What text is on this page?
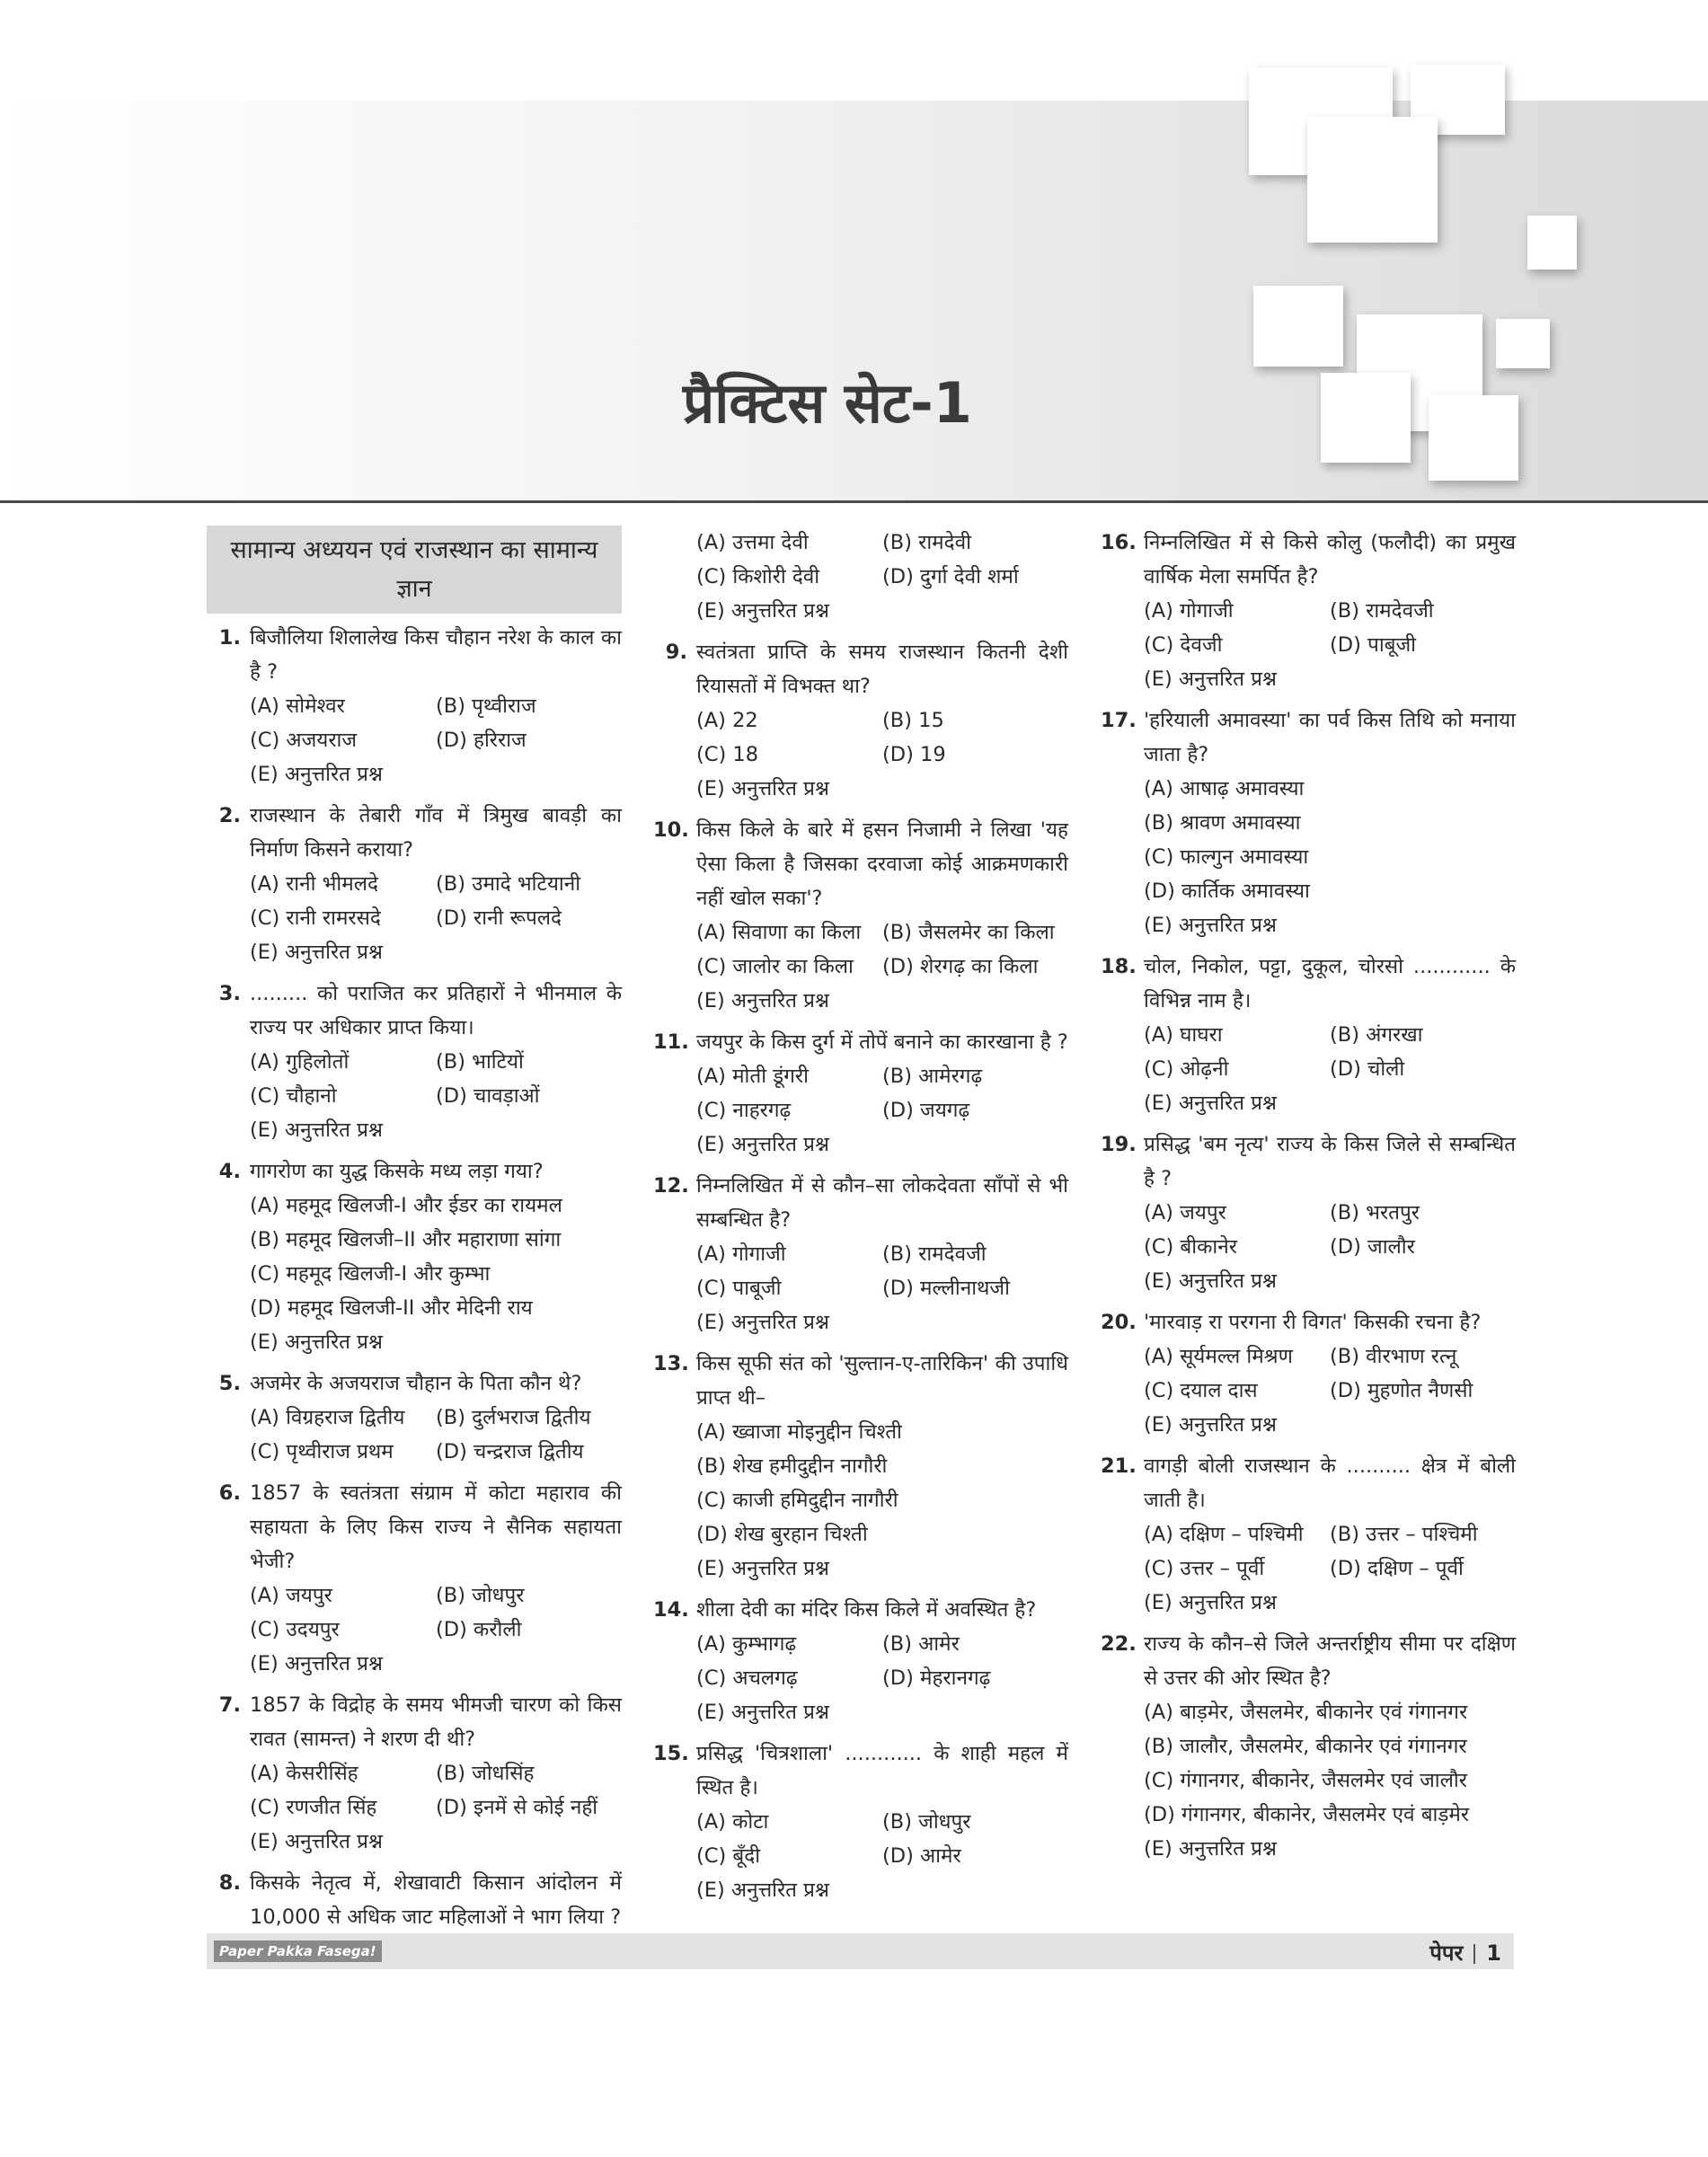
प्रैक्टिस सेट-1
सामान्य अध्ययन एवं राजस्थान का सामान्य ज्ञान
1. बिजौलिया शिलालेख किस चौहान नरेश के काल का है ?
(A) सोमेश्वर	(B) पृथ्वीराज
(C) अजयराज	(D) हरिराज
(E) अनुत्तरित प्रश्न
2. राजस्थान के तेबारी गाँव में त्रिमुख बावड़ी का निर्माण किसने कराया?
(A) रानी भीमलदे	(B) उमादे भटियानी
(C) रानी रामरसदे	(D) रानी रूपलदे
(E) अनुत्तरित प्रश्न
3. ......... को पराजित कर प्रतिहारों ने भीनमाल के राज्य पर अधिकार प्राप्त किया।
(A) गुहिलोतों	(B) भाटियों
(C) चौहानो	(D) चावड़ाओं
(E) अनुत्तरित प्रश्न
4. गागरोण का युद्ध किसके मध्य लड़ा गया?
(A) महमूद खिलजी-I और ईडर का रायमल
(B) महमूद खिलजी–II और महाराणा सांगा
(C) महमूद खिलजी-I और कुम्भा
(D) महमूद खिलजी-II और मेदिनी राय
(E) अनुत्तरित प्रश्न
5. अजमेर के अजयराज चौहान के पिता कौन थे?
(A) विग्रहराज द्वितीय	(B) दुर्लभराज द्वितीय
(C) पृथ्वीराज प्रथम	(D) चन्द्रराज द्वितीय
6. 1857 के स्वतंत्रता संग्राम में कोटा महाराव की सहायता के लिए किस राज्य ने सैनिक सहायता भेजी?
(A) जयपुर	(B) जोधपुर
(C) उदयपुर	(D) करौली
(E) अनुत्तरित प्रश्न
7. 1857 के विद्रोह के समय भीमजी चारण को किस रावत (सामन्त) ने शरण दी थी?
(A) केसरीसिंह	(B) जोधसिंह
(C) रणजीत सिंह	(D) इनमें से कोई नहीं
(E) अनुत्तरित प्रश्न
8. किसके नेतृत्व में, शेखावाटी किसान आंदोलन में 10,000 से अधिक जाट महिलाओं ने भाग लिया ?
(A) उत्तमा देवी	(B) रामदेवी
(C) किशोरी देवी	(D) दुर्गा देवी शर्मा
(E) अनुत्तरित प्रश्न
9. स्वतंत्रता प्राप्ति के समय राजस्थान कितनी देशी रियासतों में विभक्त था?
(A) 22	(B) 15
(C) 18	(D) 19
(E) अनुत्तरित प्रश्न
10. किस किले के बारे में हसन निजामी ने लिखा 'यह ऐसा किला है जिसका दरवाजा कोई आक्रमणकारी नहीं खोल सका'?
(A) सिवाणा का किला	(B) जैसलमेर का किला
(C) जालोर का किला	(D) शेरगढ़ का किला
(E) अनुत्तरित प्रश्न
11. जयपुर के किस दुर्ग में तोपें बनाने का कारखाना है ?
(A) मोती डूंगरी	(B) आमेरगढ़
(C) नाहरगढ़	(D) जयगढ़
(E) अनुत्तरित प्रश्न
12. निम्नलिखित में से कौन–सा लोकदेवता साँपों से भी सम्बन्धित है?
(A) गोगाजी	(B) रामदेवजी
(C) पाबूजी	(D) मल्लीनाथजी
(E) अनुत्तरित प्रश्न
13. किस सूफी संत को 'सुल्तान-ए-तारिकिन' की उपाधि प्राप्त थी–
(A) ख्वाजा मोइनुद्दीन चिश्ती
(B) शेख हमीदुद्दीन नागौरी
(C) काजी हमिदुद्दीन नागौरी
(D) शेख बुरहान चिश्ती
(E) अनुत्तरित प्रश्न
14. शीला देवी का मंदिर किस किले में अवस्थित है?
(A) कुम्भागढ़	(B) आमेर
(C) अचलगढ़	(D) मेहरानगढ़
(E) अनुत्तरित प्रश्न
15. प्रसिद्ध 'चित्रशाला' ............ के शाही महल में स्थित है।
(A) कोटा	(B) जोधपुर
(C) बूँदी	(D) आमेर
(E) अनुत्तरित प्रश्न
16. निम्नलिखित में से किसे कोलु (फलौदी) का प्रमुख वार्षिक मेला समर्पित है?
(A) गोगाजी	(B) रामदेवजी
(C) देवजी	(D) पाबूजी
(E) अनुत्तरित प्रश्न
17. 'हरियाली अमावस्या' का पर्व किस तिथि को मनाया जाता है?
(A) आषाढ़ अमावस्या
(B) श्रावण अमावस्या
(C) फाल्गुन अमावस्या
(D) कार्तिक अमावस्या
(E) अनुत्तरित प्रश्न
18. चोल, निकोल, पट्टा, दुकूल, चोरसो ............ के विभिन्न नाम है।
(A) घाघरा	(B) अंगरखा
(C) ओढ़नी	(D) चोली
(E) अनुत्तरित प्रश्न
19. प्रसिद्ध 'बम नृत्य' राज्य के किस जिले से सम्बन्धित है ?
(A) जयपुर	(B) भरतपुर
(C) बीकानेर	(D) जालौर
(E) अनुत्तरित प्रश्न
20. 'मारवाड़ रा परगना री विगत' किसकी रचना है?
(A) सूर्यमल्ल मिश्रण	(B) वीरभाण रत्नू
(C) दयाल दास	(D) मुहणोत नैणसी
(E) अनुत्तरित प्रश्न
21. वागड़ी बोली राजस्थान के .......... क्षेत्र में बोली जाती है।
(A) दक्षिण – पश्चिमी	(B) उत्तर – पश्चिमी
(C) उत्तर – पूर्वी	(D) दक्षिण – पूर्वी
(E) अनुत्तरित प्रश्न
22. राज्य के कौन–से जिले अन्तर्राष्ट्रीय सीमा पर दक्षिण से उत्तर की ओर स्थित है?
(A) बाड़मेर, जैसलमेर, बीकानेर एवं गंगानगर
(B) जालौर, जैसलमेर, बीकानेर एवं गंगानगर
(C) गंगानगर, बीकानेर, जैसलमेर एवं जालौर
(D) गंगानगर, बीकानेर, जैसलमेर एवं बाड़मेर
(E) अनुत्तरित प्रश्न
Paper Pakka Fasega!	पेपर 1
